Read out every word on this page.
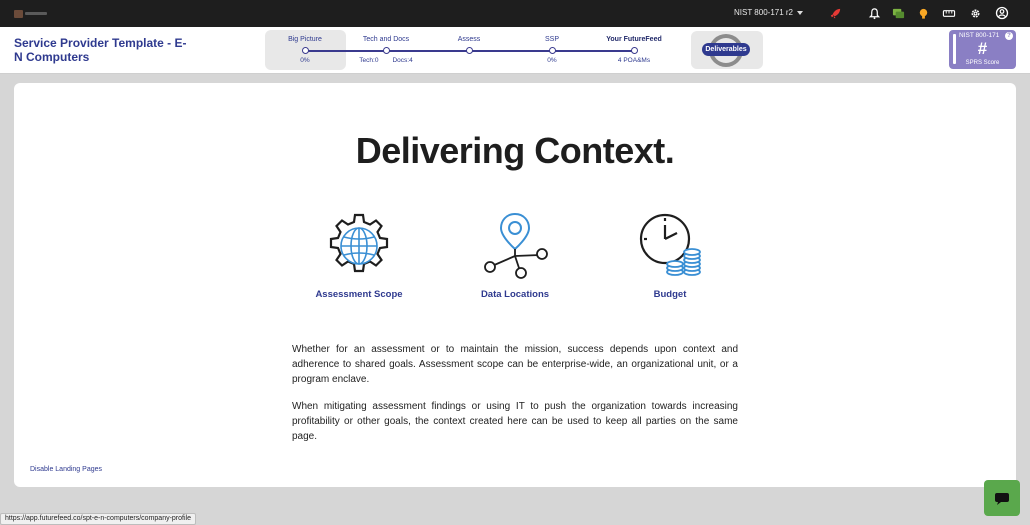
NIST 800-171 r2
Service Provider Template - E-N Computers
Big Picture
0%
Tech and Docs
Tech:0 Docs:4
Assess	SSP
0%
Your FutureFeed
4 POA&Ms
Deliverables
NIST 800-171
#
SPRS Score
?
Delivering Context.
Assessment Scope	Data Locations	Budget

Whether for an assessment or to maintain the mission, success depends upon context and adherence to shared goals. Assessment scope can be enterprise-wide, an organizational unit, or a program enclave.

When mitigating assessment findings or using IT to push the organization towards increasing profitability or other goals, the context created here can be used to keep all parties on the same page.

Disable Landing Pages
https://app.futurefeed.co/spt-e-n-computers/company-profile
